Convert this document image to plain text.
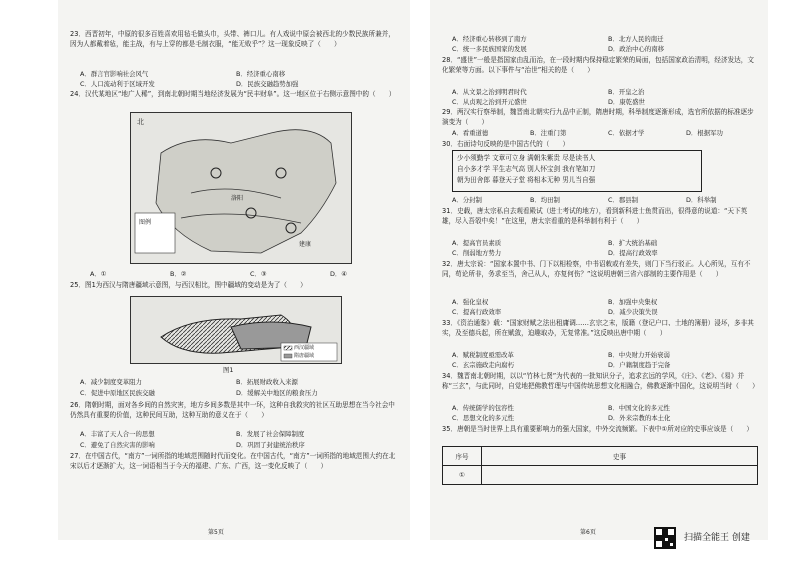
23．西晋初年，中原的很多百姓喜欢用毡毛做头巾，头带、裤口儿。有人戏说中原会被西北的少数民族所兼并，因为人都戴着毡，能主战，有与上穿的都是毛制衣服，“能无败乎”？这一现象反映了（　　）
A．群言官影响社会风气	B．经济重心南移
C．人口流动利于区域开发	D．民族交融趋势加强
24．汉代某地区“地广人稀”，到南北朝时期当地经济发展为“民丰财阜”。这一地区位于右侧示意图中的（　　）
北
图例
洛阳
建康
A．①	B．②	C．③	D．④
25．图1为西汉与隋唐疆域示意图，与西汉相比，图中疆域的变动是为了（　　）
西汉疆域
隋唐疆域
图1
A．减少制度变革阻力	B．拓展财政收入来源
C．促进中原地区民族交融	D．缓解关中地区的粮食压力
26．隋朝时期，面对各乡间的自然灾害，地方乡间多数是其中一环，这种自我救灾的社区互助思想在当今社会中仍然具有重要的价值，这种民间互助，这种互助的意义在于（　　）
A．丰富了天人合一的思想	B．发展了社会保障制度
C．避免了自然灾害的影响	D．巩固了封建统治秩序
27．在中国古代，“南方”一词所指的地域范围随时代而变化。在中国古代，“南方”一词所指的地域范围大约在北宋以后才逐渐扩大，这一词语相当于今天的福建、广东、广西，这一变化反映了（　　）
第5页
A．经济重心转移到了南方	B．北方人民的南迁
C．统一多民族国家的发展	D．政治中心的南移
28．“盛世”一般是指国家由乱而治，在一段时期内保持稳定繁荣的局面，包括国家政治清明，经济发达，文化繁荣等方面。以下事件与“治世”相关的是（　　）
A．从文景之治到明君时代	B．开皇之治
C．从贞观之治到开元盛世	D．康乾盛世
29．两汉实行察举制，魏晋南北朝实行九品中正制，隋唐时期，科举制度逐渐形成，选官所依据的标准逐步演变为（　　）
A．看重道德	B．注重门第	C．依据才学	D．根据军功
30．右面诗句反映的是中国古代的（　　）
少小须勤学 文章可立身 满朝朱紫贵 尽是读书人
自小多才学 平生志气高 别人怀宝剑 我有笔如刀
朝为田舍郎 暮登天子堂 将相本无种 男儿当自强
A．分封制	B．均田制	C．郡县制	D．科举制
31．史载，唐太宗私自去观看殿试（进士考试的地方），看到新科进士鱼贯而出，很得意的说道：“天下英雄，尽入吾彀中矣！”在这里，唐太宗看重的是科举制有利于（　　）
A．提高官员素质	B．扩大统治基础
C．削弱地方势力	D．提高行政效率
32．唐太宗说：“国家本置中书、门下以相检察，中书诏敕或有差失，则门下当行驳正。人心所见，互有不同，苟论所非，务求至当，舍己从人，亦复何伤？”这说明唐朝三省六部制的主要作用是（　　）
A．强化皇权	B．加强中央集权
C．提高行政效率	D．减少决策失误
33．《资治通鉴》载：“国家财赋之法出租庸调……玄宗之末，版籍（登记户口、土地的簿册）浸坏，多非其实，及至德兵起，所在赋敛，迫趣取办，无复常准。”这反映出唐中期（　　）
A．赋税制度亟需改革	B．中央财力开始衰弱
C．玄宗施政走向腐朽	D．户籍制度趋于完备
34．魏晋南北朝时期，以以“竹林七贤”为代表的一批知识分子，追求玄远的学风，《庄》、《老》、《易》并称“三玄”，与此同时，自觉地把佛教哲理与中国传统思想文化相融合，佛教逐渐中国化，这说明当时（　　）
A．传统儒学的包容性	B．中国文化的多元性
C．思想文化的多元性	D．外来宗教的本土化
35．唐朝是当时世界上具有重要影响力的强大国家，中外交流频繁。下表中①所对应的史事应该是（　　）
序号	史事
①	
第6页
扫描全能王 创建
